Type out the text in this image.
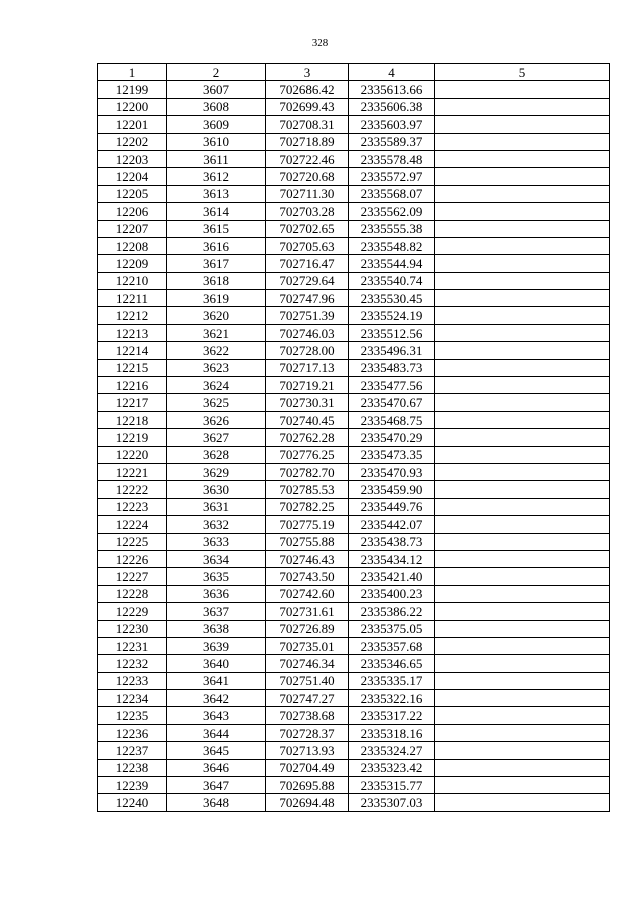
328
1	2	3	4	5
12199	3607	702686.42	2335613.66	
12200	3608	702699.43	2335606.38	
12201	3609	702708.31	2335603.97	
12202	3610	702718.89	2335589.37	
12203	3611	702722.46	2335578.48	
12204	3612	702720.68	2335572.97	
12205	3613	702711.30	2335568.07	
12206	3614	702703.28	2335562.09	
12207	3615	702702.65	2335555.38	
12208	3616	702705.63	2335548.82	
12209	3617	702716.47	2335544.94	
12210	3618	702729.64	2335540.74	
12211	3619	702747.96	2335530.45	
12212	3620	702751.39	2335524.19	
12213	3621	702746.03	2335512.56	
12214	3622	702728.00	2335496.31	
12215	3623	702717.13	2335483.73	
12216	3624	702719.21	2335477.56	
12217	3625	702730.31	2335470.67	
12218	3626	702740.45	2335468.75	
12219	3627	702762.28	2335470.29	
12220	3628	702776.25	2335473.35	
12221	3629	702782.70	2335470.93	
12222	3630	702785.53	2335459.90	
12223	3631	702782.25	2335449.76	
12224	3632	702775.19	2335442.07	
12225	3633	702755.88	2335438.73	
12226	3634	702746.43	2335434.12	
12227	3635	702743.50	2335421.40	
12228	3636	702742.60	2335400.23	
12229	3637	702731.61	2335386.22	
12230	3638	702726.89	2335375.05	
12231	3639	702735.01	2335357.68	
12232	3640	702746.34	2335346.65	
12233	3641	702751.40	2335335.17	
12234	3642	702747.27	2335322.16	
12235	3643	702738.68	2335317.22	
12236	3644	702728.37	2335318.16	
12237	3645	702713.93	2335324.27	
12238	3646	702704.49	2335323.42	
12239	3647	702695.88	2335315.77	
12240	3648	702694.48	2335307.03	
